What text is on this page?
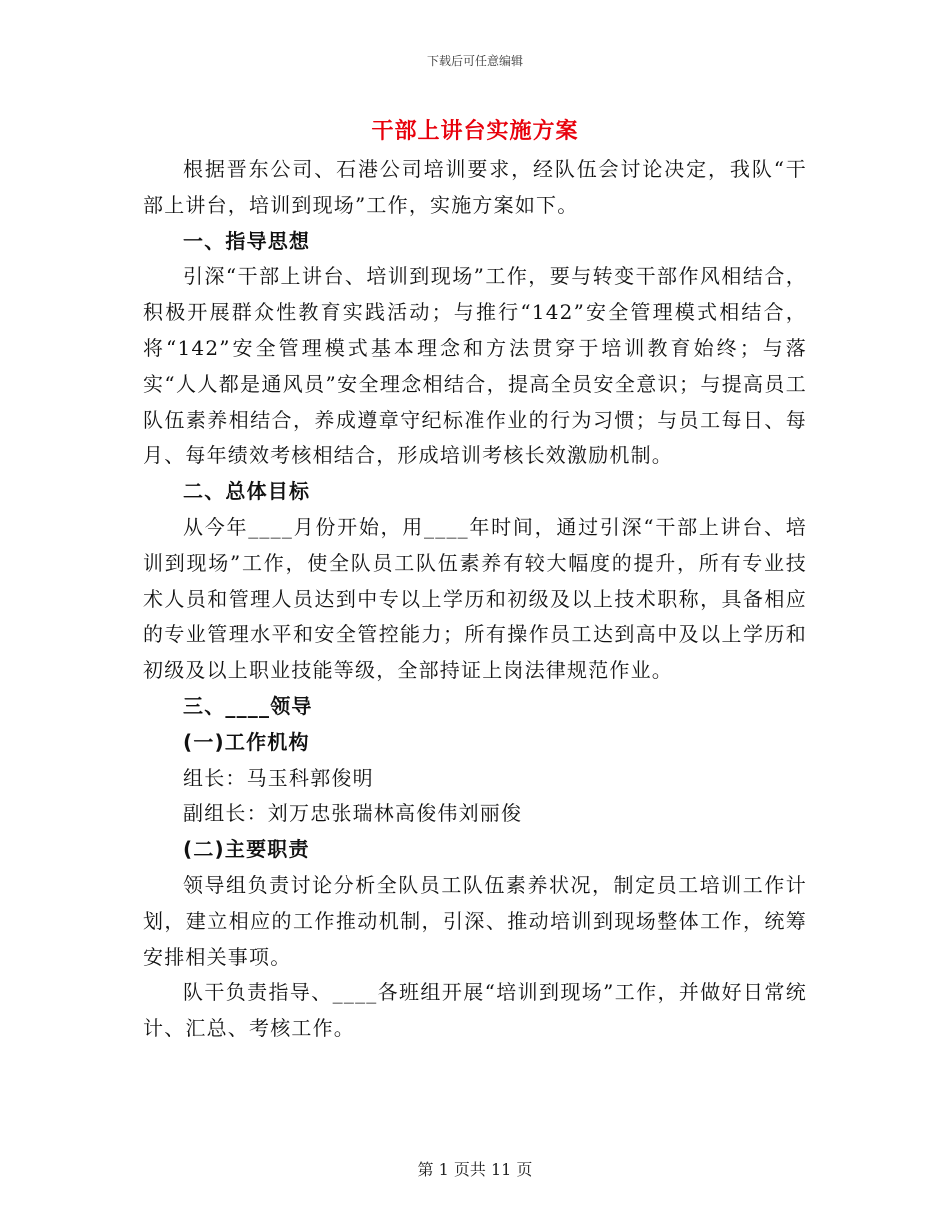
下载后可任意编辑
干部上讲台实施方案

根据晋东公司、石港公司培训要求，经队伍会讨论决定，我队“干部上讲台，培训到现场”工作，实施方案如下。

一、指导思想

引深“干部上讲台、培训到现场”工作，要与转变干部作风相结合，积极开展群众性教育实践活动；与推行“142”安全管理模式相结合，将“142”安全管理模式基本理念和方法贯穿于培训教育始终；与落实“人人都是通风员”安全理念相结合，提高全员安全意识；与提高员工队伍素养相结合，养成遵章守纪标准作业的行为习惯；与员工每日、每月、每年绩效考核相结合，形成培训考核长效激励机制。

二、总体目标

从今年____月份开始，用____年时间，通过引深“干部上讲台、培训到现场”工作，使全队员工队伍素养有较大幅度的提升，所有专业技术人员和管理人员达到中专以上学历和初级及以上技术职称，具备相应的专业管理水平和安全管控能力；所有操作员工达到高中及以上学历和初级及以上职业技能等级，全部持证上岗法律规范作业。

三、____领导
(一)工作机构

组长：马玉科郭俊明

副组长：刘万忠张瑞林高俊伟刘丽俊

(二)主要职责

领导组负责讨论分析全队员工队伍素养状况，制定员工培训工作计划，建立相应的工作推动机制，引深、推动培训到现场整体工作，统筹安排相关事项。

队干负责指导、____各班组开展“培训到现场”工作，并做好日常统计、汇总、考核工作。

第 1 页共 11 页
